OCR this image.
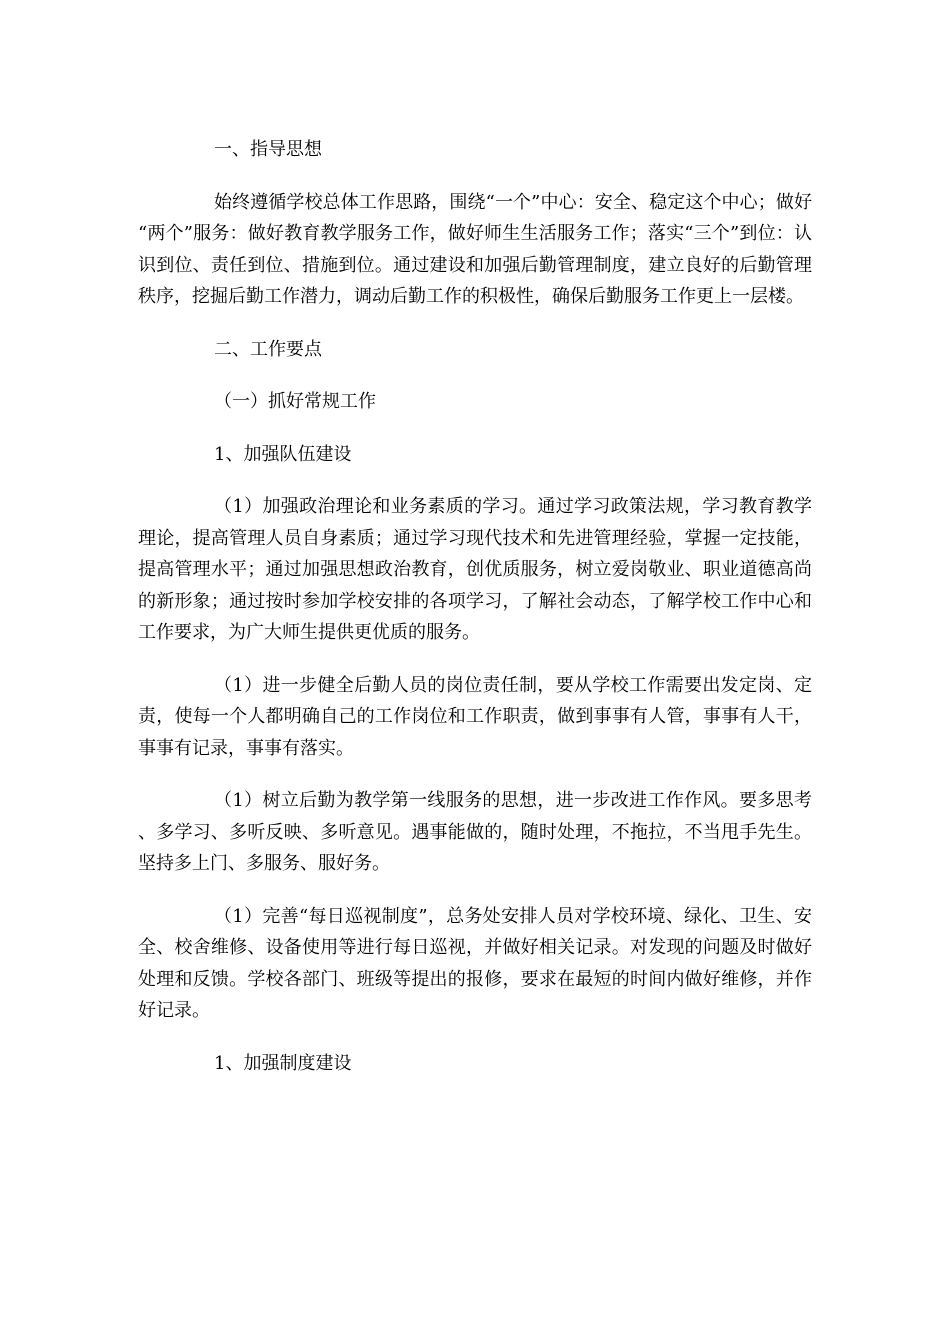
一、指导思想

始终遵循学校总体工作思路，围绕“一个”中心：安全、稳定这个中心；做好“两个”服务：做好教育教学服务工作，做好师生生活服务工作；落实“三个”到位：认识到位、责任到位、措施到位。通过建设和加强后勤管理制度，建立良好的后勤管理秩序，挖掘后勤工作潜力，调动后勤工作的积极性，确保后勤服务工作更上一层楼。

二、工作要点

（一）抓好常规工作

1、加强队伍建设

（1）加强政治理论和业务素质的学习。通过学习政策法规，学习教育教学理论，提高管理人员自身素质；通过学习现代技术和先进管理经验，掌握一定技能，提高管理水平；通过加强思想政治教育，创优质服务，树立爱岗敬业、职业道德高尚的新形象；通过按时参加学校安排的各项学习，了解社会动态，了解学校工作中心和工作要求，为广大师生提供更优质的服务。

（1）进一步健全后勤人员的岗位责任制，要从学校工作需要出发定岗、定责，使每一个人都明确自己的工作岗位和工作职责，做到事事有人管，事事有人干，事事有记录，事事有落实。

（1）树立后勤为教学第一线服务的思想，进一步改进工作作风。要多思考、多学习、多听反映、多听意见。遇事能做的，随时处理，不拖拉，不当甩手先生。坚持多上门、多服务、服好务。

（1）完善“每日巡视制度”，总务处安排人员对学校环境、绿化、卫生、安全、校舍维修、设备使用等进行每日巡视，并做好相关记录。对发现的问题及时做好处理和反馈。学校各部门、班级等提出的报修，要求在最短的时间内做好维修，并作好记录。

1、加强制度建设
